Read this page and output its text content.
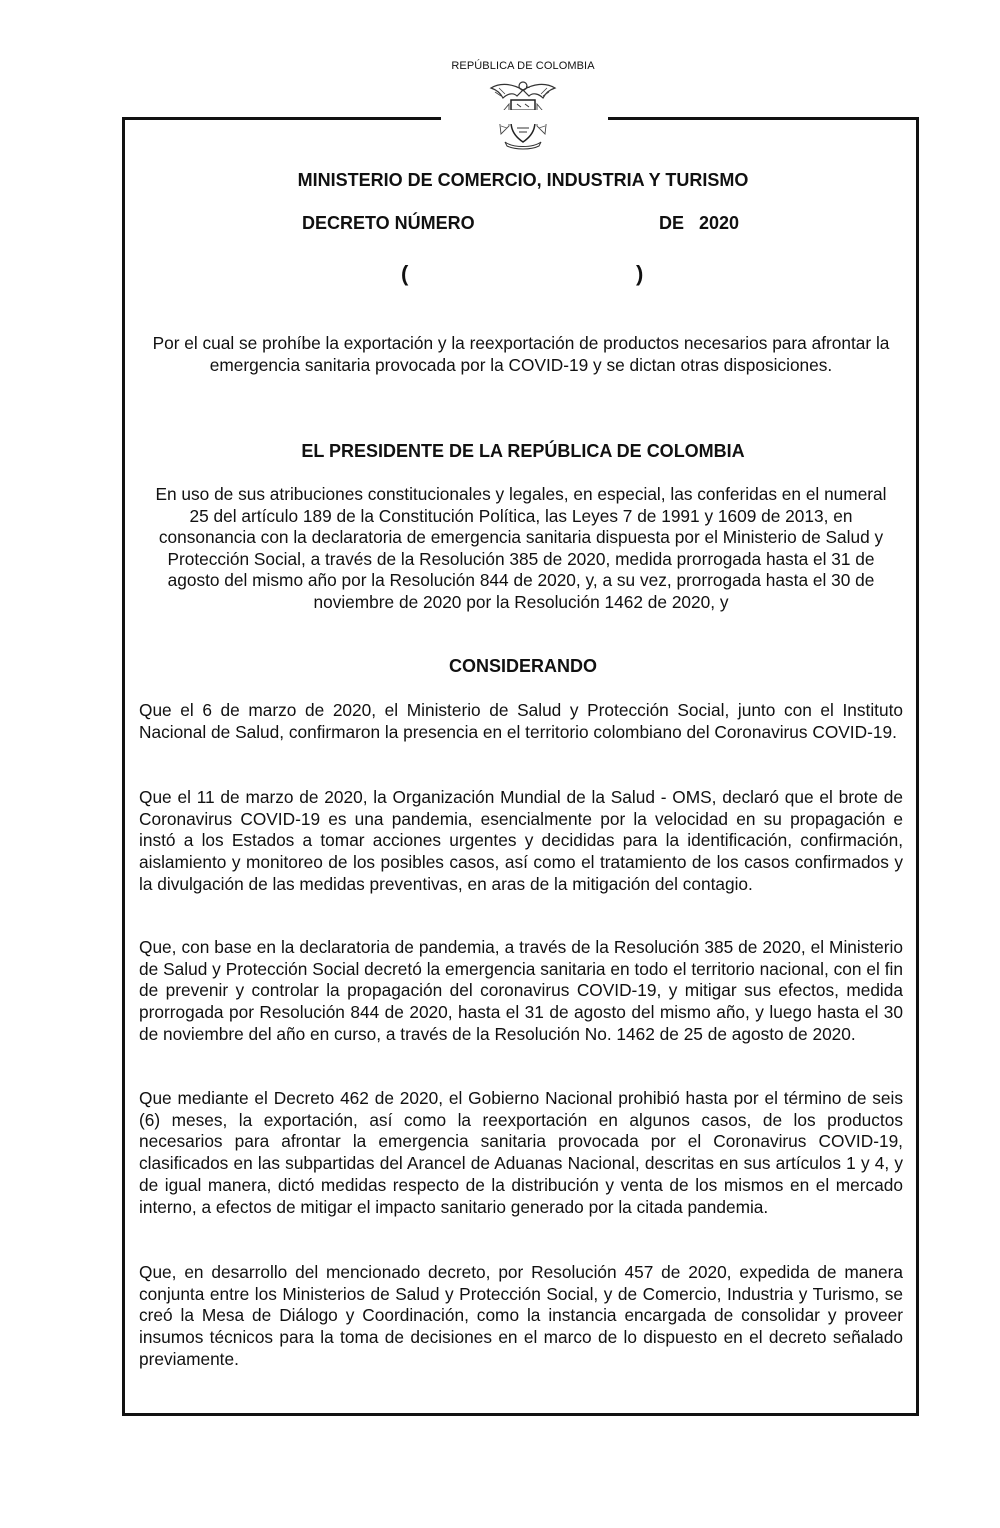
REPÚBLICA DE COLOMBIA
MINISTERIO DE COMERCIO, INDUSTRIA Y TURISMO
DECRETO NÚMERO	DE   2020
(	)
Por el cual se prohíbe la exportación y la reexportación de productos necesarios para afrontar la emergencia sanitaria provocada por la COVID-19 y se dictan otras disposiciones.
EL PRESIDENTE DE LA REPÚBLICA DE COLOMBIA
En uso de sus atribuciones constitucionales y legales, en especial, las conferidas en el numeral 25 del artículo 189 de la Constitución Política, las Leyes 7 de 1991 y 1609 de 2013, en consonancia con la declaratoria de emergencia sanitaria dispuesta por el Ministerio de Salud y Protección Social, a través de la Resolución 385 de 2020, medida prorrogada hasta el 31 de agosto del mismo año por la Resolución 844 de 2020, y, a su vez, prorrogada hasta el 30 de noviembre de 2020 por la Resolución 1462 de 2020, y
CONSIDERANDO
Que el 6 de marzo de 2020, el Ministerio de Salud y Protección Social, junto con el Instituto Nacional de Salud, confirmaron la presencia en el territorio colombiano del Coronavirus COVID-19.
Que el 11 de marzo de 2020, la Organización Mundial de la Salud - OMS, declaró que el brote de Coronavirus COVID-19 es una pandemia, esencialmente por la velocidad en su propagación e instó a los Estados a tomar acciones urgentes y decididas para la identificación, confirmación, aislamiento y monitoreo de los posibles casos, así como el tratamiento de los casos confirmados y la divulgación de las medidas preventivas, en aras de la mitigación del contagio.
Que, con base en la declaratoria de pandemia, a través de la Resolución 385 de 2020, el Ministerio de Salud y Protección Social decretó la emergencia sanitaria en todo el territorio nacional, con el fin de prevenir y controlar la propagación del coronavirus COVID-19, y mitigar sus efectos, medida prorrogada por Resolución 844 de 2020, hasta el 31 de agosto del mismo año, y luego hasta el 30 de noviembre del año en curso, a través de la Resolución No. 1462 de 25 de agosto de 2020.
Que mediante el Decreto 462 de 2020, el Gobierno Nacional prohibió hasta por el término de seis (6) meses, la exportación, así como la reexportación en algunos casos, de los productos necesarios para afrontar la emergencia sanitaria provocada por el Coronavirus COVID-19, clasificados en las subpartidas del Arancel de Aduanas Nacional, descritas en sus artículos 1 y 4, y de igual manera, dictó medidas respecto de la distribución y venta de los mismos en el mercado interno, a efectos de mitigar el impacto sanitario generado por la citada pandemia.
Que, en desarrollo del mencionado decreto, por Resolución 457 de 2020, expedida de manera conjunta entre los Ministerios de Salud y Protección Social, y de Comercio, Industria y Turismo, se creó la Mesa de Diálogo y Coordinación, como la instancia encargada de consolidar y proveer insumos técnicos para la toma de decisiones en el marco de lo dispuesto en el decreto señalado previamente.
